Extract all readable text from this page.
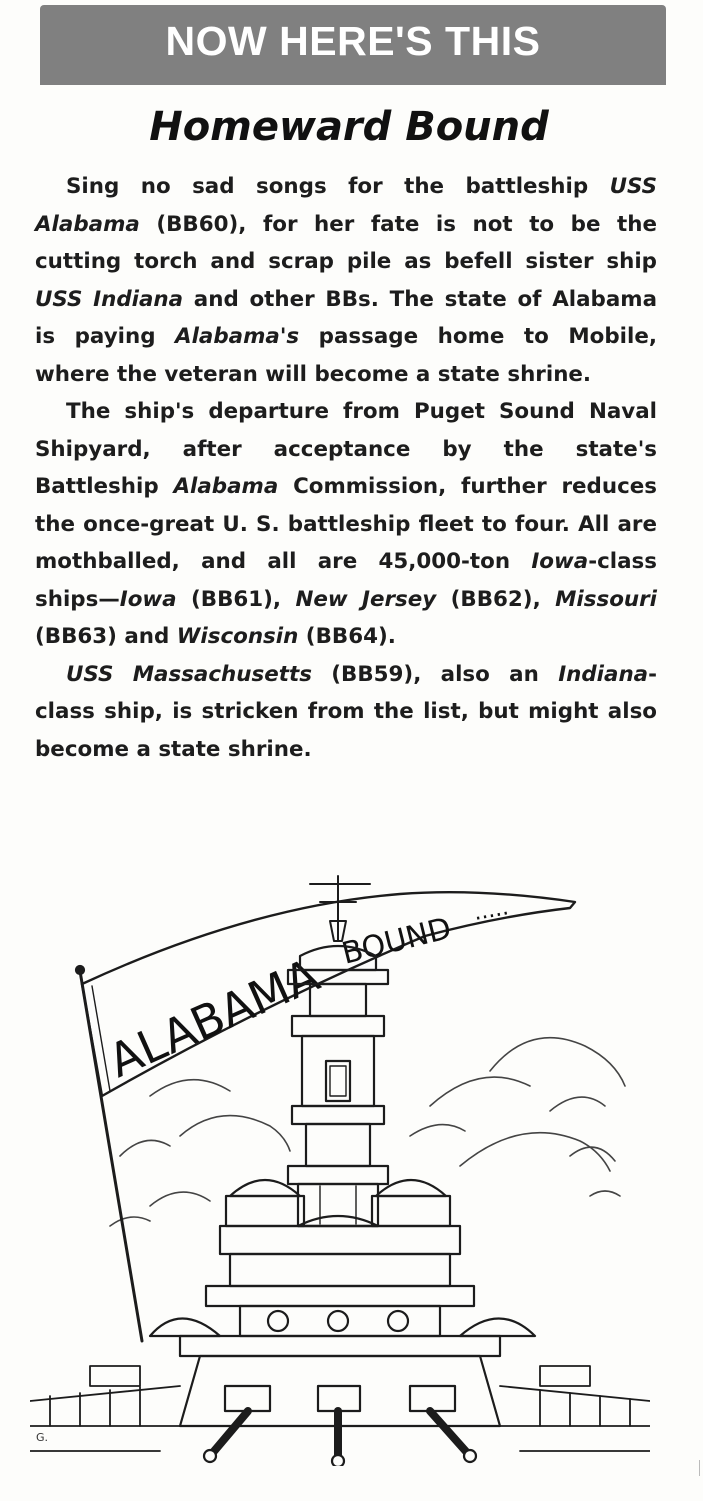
NOW HERE'S THIS
Homeward Bound

Sing no sad songs for the battleship USS Alabama (BB60), for her fate is not to be the cutting torch and scrap pile as befell sister ship USS Indiana and other BBs. The state of Alabama is paying Alabama's passage home to Mobile, where the veteran will become a state shrine.

The ship's departure from Puget Sound Naval Shipyard, after acceptance by the state's Battleship Alabama Commission, further reduces the once-great U. S. battleship fleet to four. All are mothballed, and all are 45,000-ton Iowa-class ships—Iowa (BB61), New Jersey (BB62), Missouri (BB63) and Wisconsin (BB64).

USS Massachusetts (BB59), also an Indiana-class ship, is stricken from the list, but might also become a state shrine.

ALABAMA
BOUND
.....
G.
